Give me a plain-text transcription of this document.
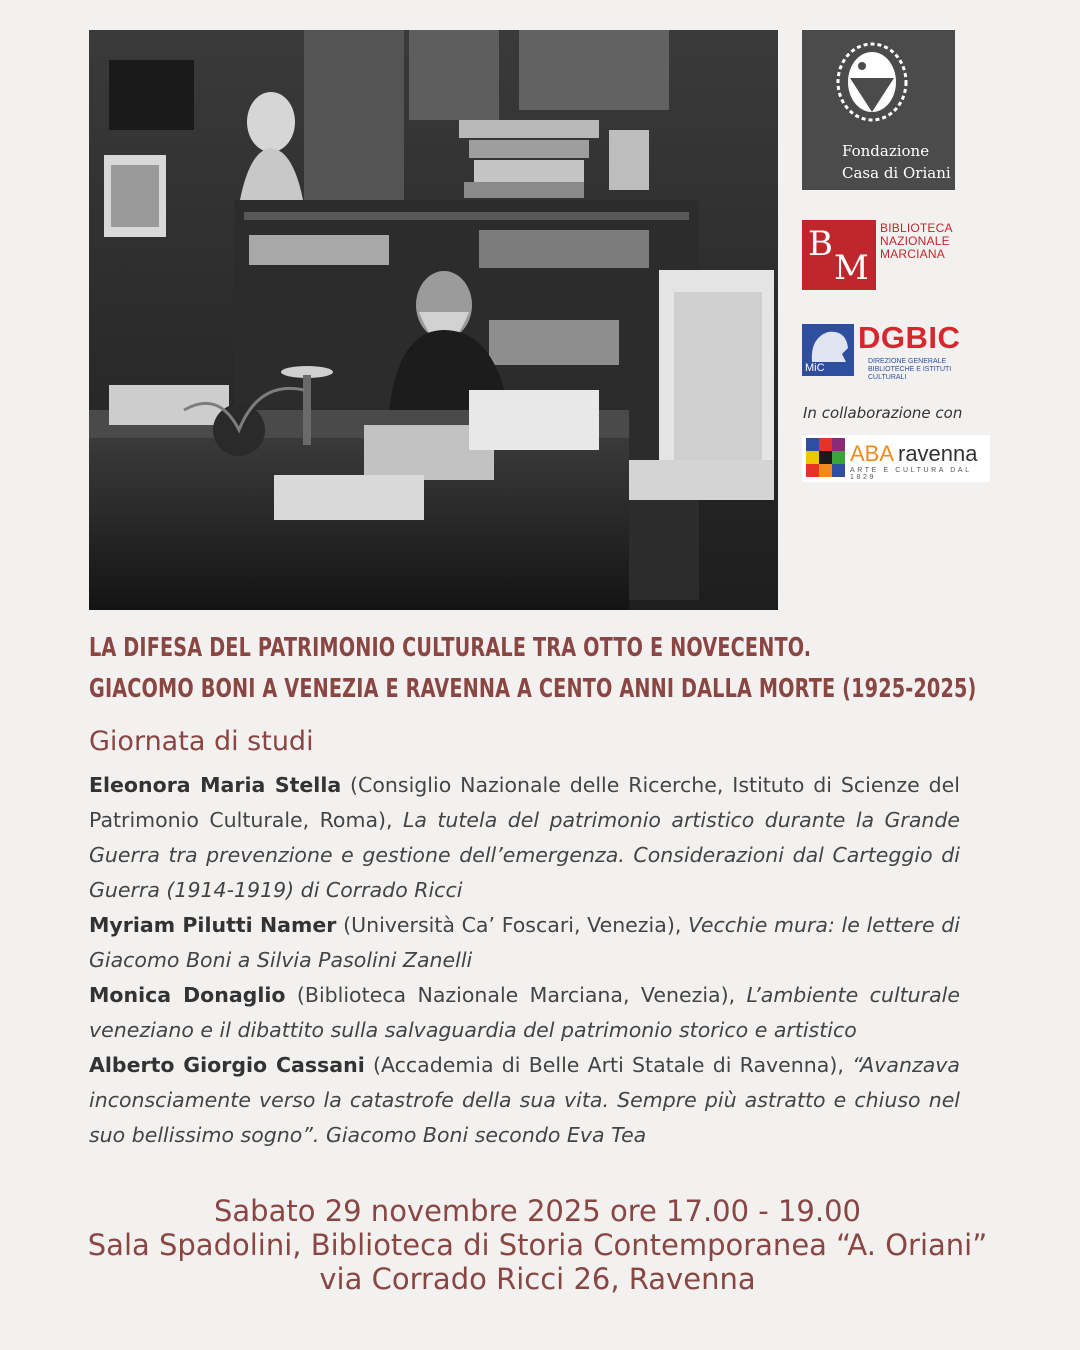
Fondazione
Casa di Oriani
B
M
BIBLIOTECA
NAZIONALE
MARCIANA
MiC
DGBIC
DIREZIONE GENERALE
BIBLIOTECHE E ISTITUTI CULTURALI
In collaborazione con
ABA ravenna
ARTE E CULTURA DAL 1829
LA DIFESA DEL PATRIMONIO CULTURALE TRA OTTO E NOVECENTO.
GIACOMO BONI A VENEZIA E RAVENNA A CENTO ANNI DALLA MORTE (1925-2025)
Giornata di studi

Eleonora Maria Stella (Consiglio Nazionale delle Ricerche, Istituto di Scienze del Patrimonio Culturale, Roma), La tutela del patrimonio artistico durante la Grande Guerra tra prevenzione e gestione dell’emergenza. Considerazioni dal Carteggio di Guerra (1914-1919) di Corrado Ricci

Myriam Pilutti Namer (Università Ca’ Foscari, Venezia), Vecchie mura: le lettere di Giacomo Boni a Silvia Pasolini Zanelli

Monica Donaglio (Biblioteca Nazionale Marciana, Venezia), L’ambiente culturale veneziano e il dibattito sulla salvaguardia del patrimonio storico e artistico

Alberto Giorgio Cassani (Accademia di Belle Arti Statale di Ravenna), “Avanzava inconsciamente verso la catastrofe della sua vita. Sempre più astratto e chiuso nel suo bellissimo sogno”. Giacomo Boni secondo Eva Tea

Sabato 29 novembre 2025 ore 17.00 - 19.00
Sala Spadolini, Biblioteca di Storia Contemporanea “A. Oriani”
via Corrado Ricci 26, Ravenna
